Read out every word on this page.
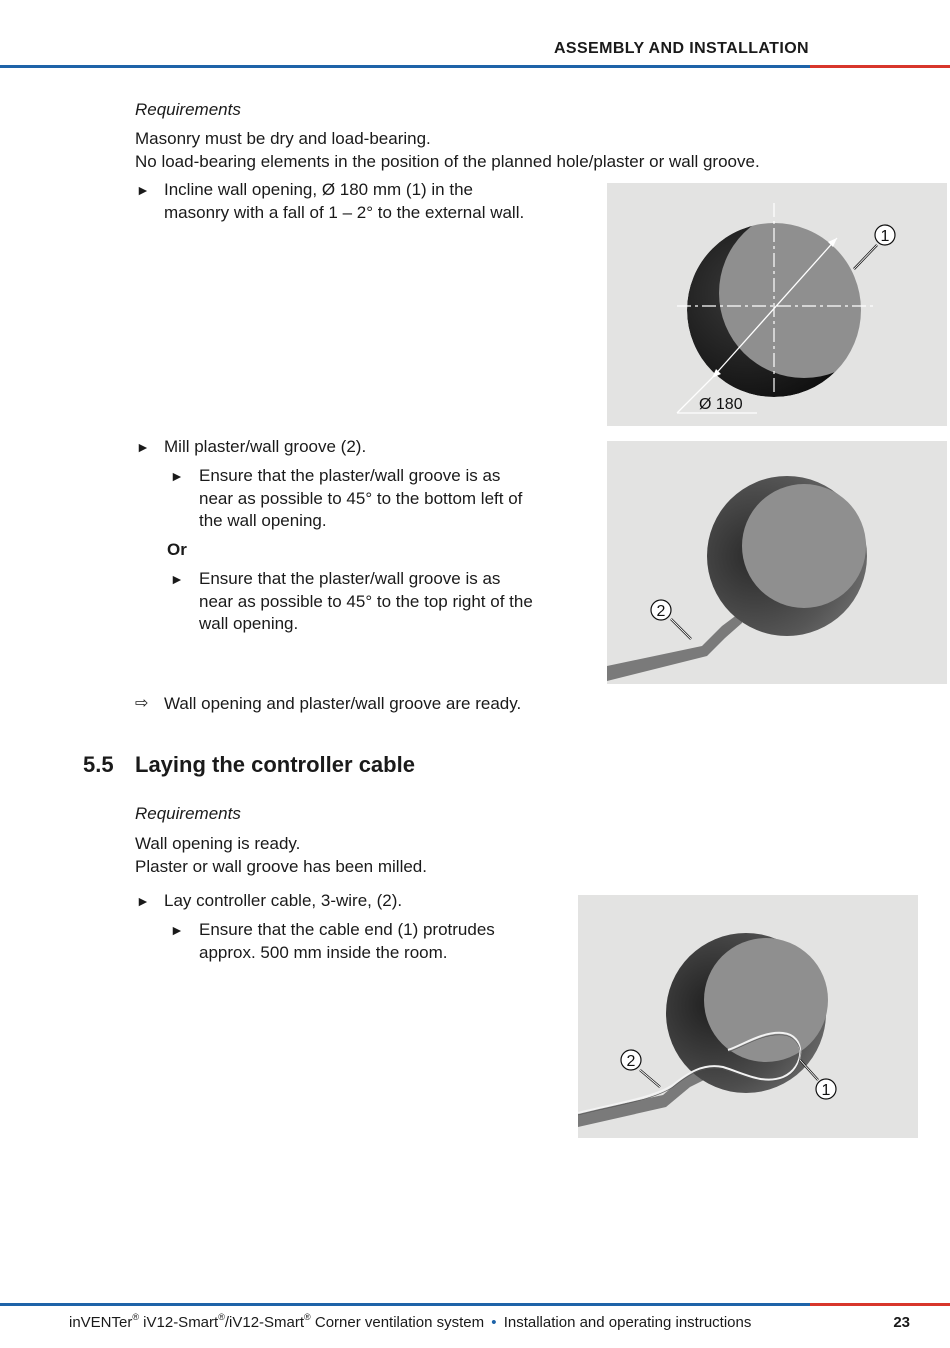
ASSEMBLY AND INSTALLATION
Requirements
Masonry must be dry and load-bearing.
No load-bearing elements in the position of the planned hole/plaster or wall groove.
► Incline wall opening, Ø 180 mm (1) in the
masonry with a fall of 1 – 2° to the external wall.
1
Ø 180
► Mill plaster/wall groove (2).
► Ensure that the plaster/wall groove is as
near as possible to 45° to the bottom left of
the wall opening.
Or
► Ensure that the plaster/wall groove is as
near as possible to 45° to the top right of the
wall opening.
2
⇨ Wall opening and plaster/wall groove are ready.
5.5 Laying the controller cable
Requirements
Wall opening is ready.
Plaster or wall groove has been milled.
► Lay controller cable, 3-wire, (2).
► Ensure that the cable end (1) protrudes
approx. 500 mm inside the room.
2
1
inVENTer® iV12-Smart®/iV12-Smart® Corner ventilation system • Installation and operating instructions	23
